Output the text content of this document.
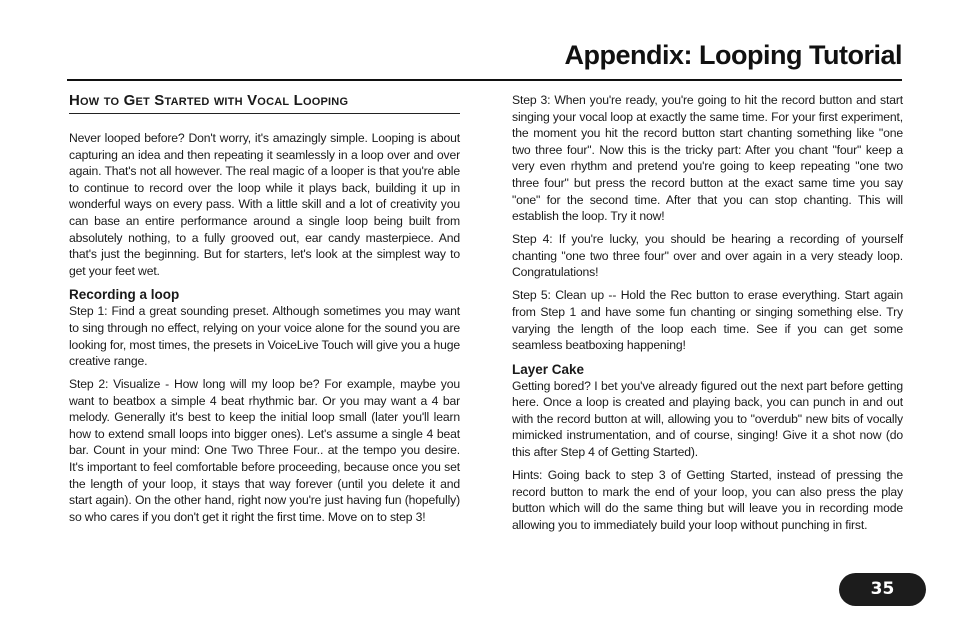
Appendix: Looping Tutorial
How to Get Started with Vocal Looping

Never looped before? Don't worry, it's amazingly simple. Looping is about capturing an idea and then repeating it seamlessly in a loop over and over again. That's not all however. The real magic of a looper is that you're able to continue to record over the loop while it plays back, building it up in wonderful ways on every pass. With a little skill and a lot of creativity you can base an entire performance around a single loop being built from absolutely nothing, to a fully grooved out, ear candy masterpiece. And that's just the beginning. But for starters, let's look at the simplest way to get your feet wet.

Recording a loop

Step 1: Find a great sounding preset. Although sometimes you may want to sing through no effect, relying on your voice alone for the sound you are looking for, most times, the presets in VoiceLive Touch will give you a huge creative range.

Step 2: Visualize - How long will my loop be? For example, maybe you want to beatbox a simple 4 beat rhythmic bar. Or you may want a 4 bar melody. Generally it's best to keep the initial loop small (later you'll learn how to extend small loops into bigger ones). Let's assume a single 4 beat bar. Count in your mind: One Two Three Four.. at the tempo you desire. It's important to feel comfortable before proceeding, because once you set the length of your loop, it stays that way forever (until you delete it and start again). On the other hand, right now you're just having fun (hopefully) so who cares if you don't get it right the first time. Move on to step 3!

Step 3: When you're ready, you're going to hit the record button and start singing your vocal loop at exactly the same time. For your first experiment, the moment you hit the record button start chanting something like "one two three four". Now this is the tricky part: After you chant "four" keep a very even rhythm and pretend you're going to keep repeating "one two three four" but press the record button at the exact same time you say "one" for the second time. After that you can stop chanting. This will establish the loop. Try it now!

Step 4: If you're lucky, you should be hearing a recording of yourself chanting "one two three four" over and over again in a very steady loop. Congratulations!

Step 5: Clean up -- Hold the Rec button to erase everything. Start again from Step 1 and have some fun chanting or singing something else. Try varying the length of the loop each time. See if you can get some seamless beatboxing happening!

Layer Cake

Getting bored? I bet you've already figured out the next part before getting here. Once a loop is created and playing back, you can punch in and out with the record button at will, allowing you to "overdub" new bits of vocally mimicked instrumentation, and of course, singing! Give it a shot now (do this after Step 4 of Getting Started).

Hints: Going back to step 3 of Getting Started, instead of pressing the record button to mark the end of your loop, you can also press the play button which will do the same thing but will leave you in recording mode allowing you to immediately build your loop without punching in first.

35
